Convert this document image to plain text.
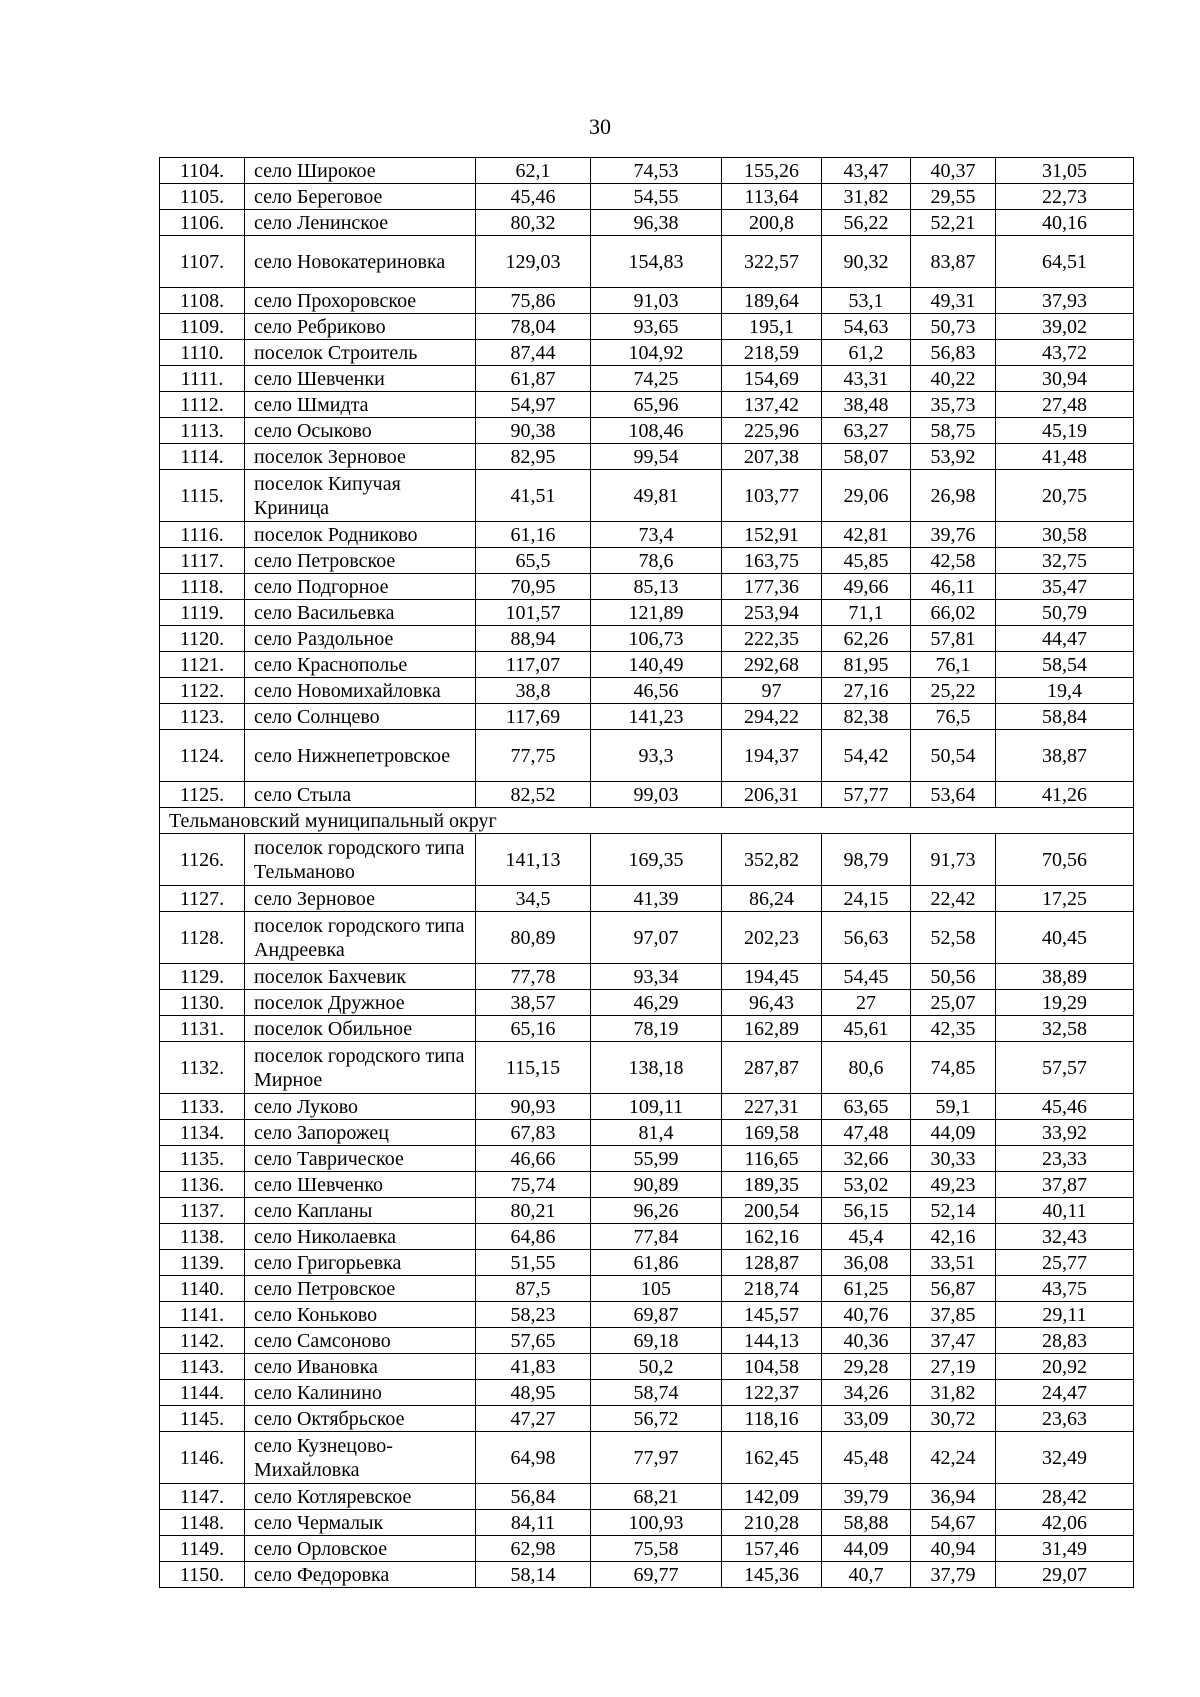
30
1104.	село Широкое	62,1	74,53	155,26	43,47	40,37	31,05
1105.	село Береговое	45,46	54,55	113,64	31,82	29,55	22,73
1106.	село Ленинское	80,32	96,38	200,8	56,22	52,21	40,16
1107.	село Новокатериновка	129,03	154,83	322,57	90,32	83,87	64,51
1108.	село Прохоровское	75,86	91,03	189,64	53,1	49,31	37,93
1109.	село Ребриково	78,04	93,65	195,1	54,63	50,73	39,02
1110.	поселок Строитель	87,44	104,92	218,59	61,2	56,83	43,72
1111.	село Шевченки	61,87	74,25	154,69	43,31	40,22	30,94
1112.	село Шмидта	54,97	65,96	137,42	38,48	35,73	27,48
1113.	село Осыково	90,38	108,46	225,96	63,27	58,75	45,19
1114.	поселок Зерновое	82,95	99,54	207,38	58,07	53,92	41,48
1115.	поселок Кипучая Криница	41,51	49,81	103,77	29,06	26,98	20,75
1116.	поселок Родниково	61,16	73,4	152,91	42,81	39,76	30,58
1117.	село Петровское	65,5	78,6	163,75	45,85	42,58	32,75
1118.	село Подгорное	70,95	85,13	177,36	49,66	46,11	35,47
1119.	село Васильевка	101,57	121,89	253,94	71,1	66,02	50,79
1120.	село Раздольное	88,94	106,73	222,35	62,26	57,81	44,47
1121.	село Краснополье	117,07	140,49	292,68	81,95	76,1	58,54
1122.	село Новомихайловка	38,8	46,56	97	27,16	25,22	19,4
1123.	село Солнцево	117,69	141,23	294,22	82,38	76,5	58,84
1124.	село Нижнепетровское	77,75	93,3	194,37	54,42	50,54	38,87
1125.	село Стыла	82,52	99,03	206,31	57,77	53,64	41,26
Тельмановский муниципальный округ							
1126.	поселок городского типа Тельманово	141,13	169,35	352,82	98,79	91,73	70,56
1127.	село Зерновое	34,5	41,39	86,24	24,15	22,42	17,25
1128.	поселок городского типа Андреевка	80,89	97,07	202,23	56,63	52,58	40,45
1129.	поселок Бахчевик	77,78	93,34	194,45	54,45	50,56	38,89
1130.	поселок Дружное	38,57	46,29	96,43	27	25,07	19,29
1131.	поселок Обильное	65,16	78,19	162,89	45,61	42,35	32,58
1132.	поселок городского типа Мирное	115,15	138,18	287,87	80,6	74,85	57,57
1133.	село Луково	90,93	109,11	227,31	63,65	59,1	45,46
1134.	село Запорожец	67,83	81,4	169,58	47,48	44,09	33,92
1135.	село Таврическое	46,66	55,99	116,65	32,66	30,33	23,33
1136.	село Шевченко	75,74	90,89	189,35	53,02	49,23	37,87
1137.	село Капланы	80,21	96,26	200,54	56,15	52,14	40,11
1138.	село Николаевка	64,86	77,84	162,16	45,4	42,16	32,43
1139.	село Григорьевка	51,55	61,86	128,87	36,08	33,51	25,77
1140.	село Петровское	87,5	105	218,74	61,25	56,87	43,75
1141.	село Коньково	58,23	69,87	145,57	40,76	37,85	29,11
1142.	село Самсоново	57,65	69,18	144,13	40,36	37,47	28,83
1143.	село Ивановка	41,83	50,2	104,58	29,28	27,19	20,92
1144.	село Калинино	48,95	58,74	122,37	34,26	31,82	24,47
1145.	село Октябрьское	47,27	56,72	118,16	33,09	30,72	23,63
1146.	село Кузнецово-Михайловка	64,98	77,97	162,45	45,48	42,24	32,49
1147.	село Котляревское	56,84	68,21	142,09	39,79	36,94	28,42
1148.	село Чермалык	84,11	100,93	210,28	58,88	54,67	42,06
1149.	село Орловское	62,98	75,58	157,46	44,09	40,94	31,49
1150.	село Федоровка	58,14	69,77	145,36	40,7	37,79	29,07
